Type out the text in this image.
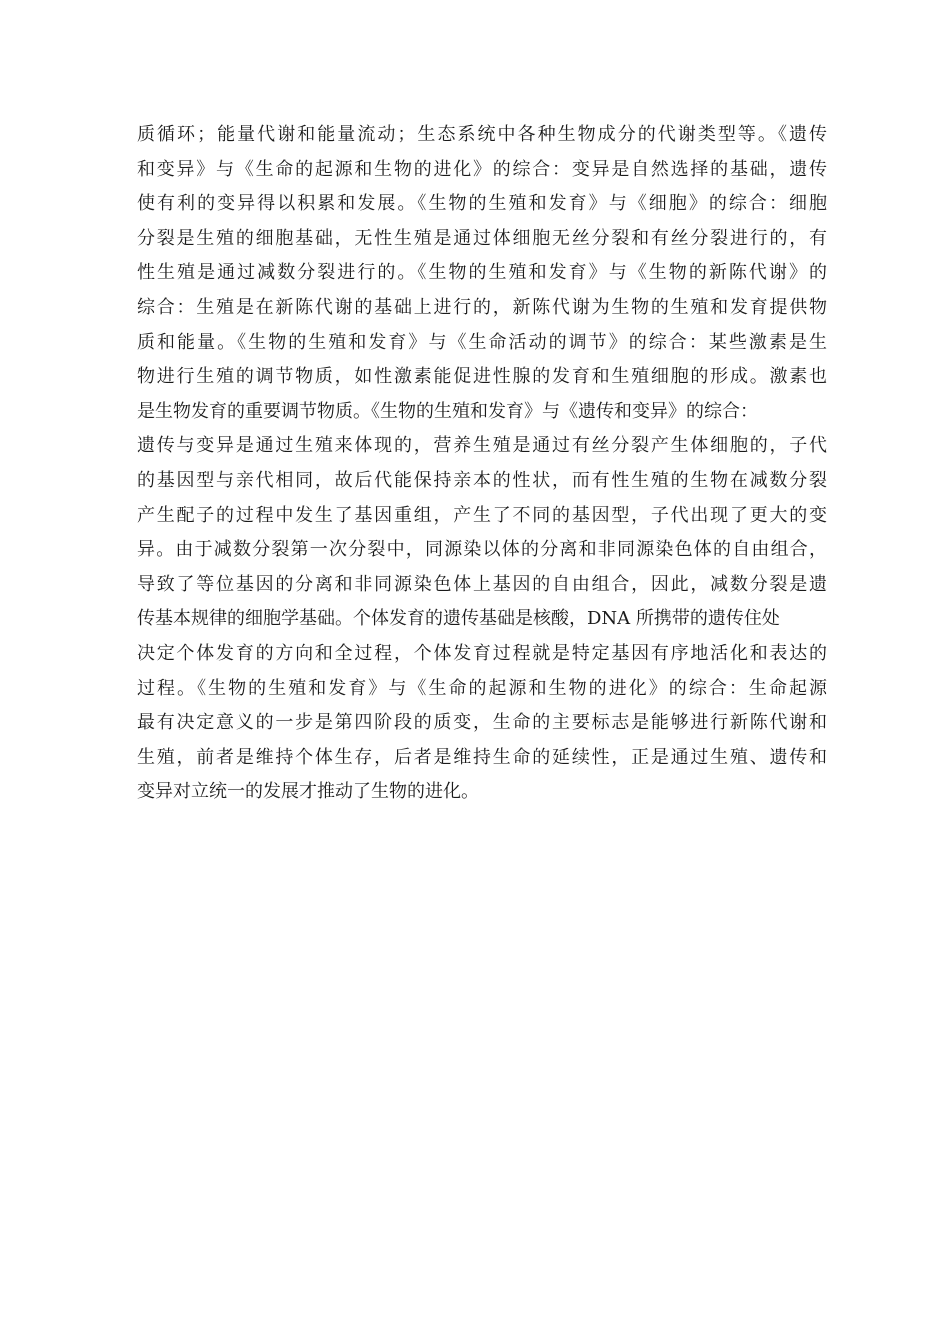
质循环；能量代谢和能量流动；生态系统中各种生物成分的代谢类型等。《遗传
和变异》与《生命的起源和生物的进化》的综合：变异是自然选择的基础，遗传
使有利的变异得以积累和发展。《生物的生殖和发育》与《细胞》的综合：细胞
分裂是生殖的细胞基础，无性生殖是通过体细胞无丝分裂和有丝分裂进行的，有
性生殖是通过减数分裂进行的。《生物的生殖和发育》与《生物的新陈代谢》的
综合：生殖是在新陈代谢的基础上进行的，新陈代谢为生物的生殖和发育提供物
质和能量。《生物的生殖和发育》与《生命活动的调节》的综合：某些激素是生
物进行生殖的调节物质，如性激素能促进性腺的发育和生殖细胞的形成。激素也
是生物发育的重要调节物质。《生物的生殖和发育》与《遗传和变异》的综合：
遗传与变异是通过生殖来体现的，营养生殖是通过有丝分裂产生体细胞的，子代
的基因型与亲代相同，故后代能保持亲本的性状，而有性生殖的生物在减数分裂
产生配子的过程中发生了基因重组，产生了不同的基因型，子代出现了更大的变
异。由于减数分裂第一次分裂中，同源染以体的分离和非同源染色体的自由组合，
导致了等位基因的分离和非同源染色体上基因的自由组合，因此，减数分裂是遗
传基本规律的细胞学基础。个体发育的遗传基础是核酸，DNA 所携带的遗传住处
决定个体发育的方向和全过程，个体发育过程就是特定基因有序地活化和表达的
过程。《生物的生殖和发育》与《生命的起源和生物的进化》的综合：生命起源
最有决定意义的一步是第四阶段的质变，生命的主要标志是能够进行新陈代谢和
生殖，前者是维持个体生存，后者是维持生命的延续性，正是通过生殖、遗传和
变异对立统一的发展才推动了生物的进化。
